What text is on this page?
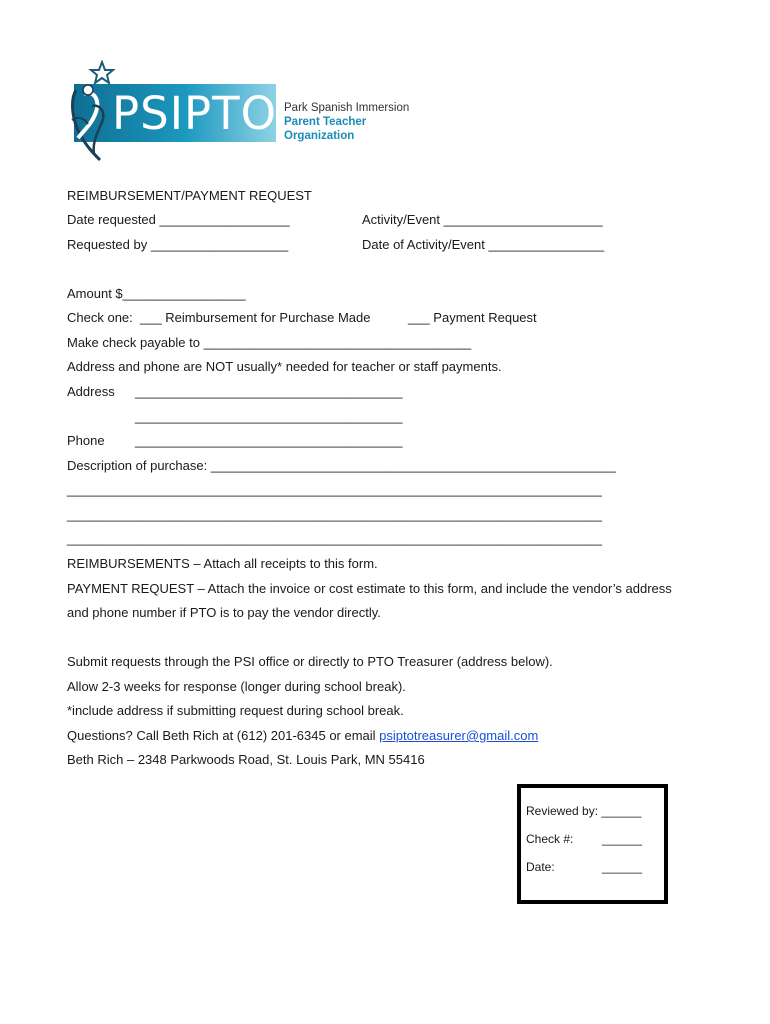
PSIPTO Park Spanish Immersion
Parent Teacher
Organization
REIMBURSEMENT/PAYMENT REQUEST
Date requested __________________	Activity/Event ______________________
Requested by ___________________	Date of Activity/Event ________________
Amount $_________________
Check one:  ___ Reimbursement for Purchase Made	___ Payment Request
Make check payable to _____________________________________
Address and phone are NOT usually* needed for teacher or staff payments.
Address _____________________________________
_____________________________________
Phone _____________________________________
Description of purchase: ________________________________________________________
__________________________________________________________________________
__________________________________________________________________________
__________________________________________________________________________
REIMBURSEMENTS – Attach all receipts to this form.
PAYMENT REQUEST – Attach the invoice or cost estimate to this form, and include the vendor’s address
and phone number if PTO is to pay the vendor directly.
Submit requests through the PSI office or directly to PTO Treasurer (address below).
Allow 2-3 weeks for response (longer during school break).
*include address if submitting request during school break.
Questions? Call Beth Rich at (612) 201-6345 or email psiptotreasurer@gmail.com
Beth Rich – 2348 Parkwoods Road, St. Louis Park, MN 55416
Reviewed by: ______
Check #: ______
Date:	______
